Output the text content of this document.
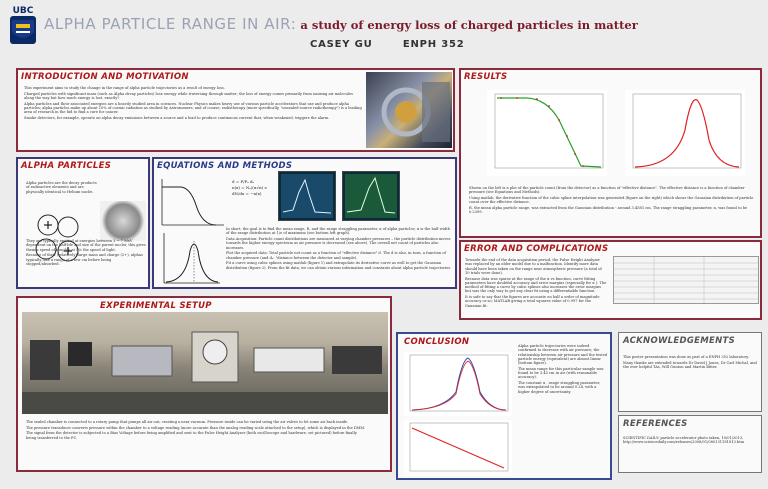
UBC
ALPHA PARTICLE RANGE IN AIR: a study of energy loss of charged particles in matter
CASEY GU	ENPH 352
INTRODUCTION AND MOTIVATION

This experiment aims to study the change in the range of alpha particle trajectories as a result of energy loss.

Charged particles with significant mass (such as Alpha decay particles) lose energy while traversing through matter; the loss of energy comes primarily from ionizing air molecules along the way but how much energy is lost, exactly?

Alpha particles and their associated energies are a heavily studied area in sciences. Nuclear Physics makes heavy use of various particle accelerators that use and produce alpha particles; alpha particles make up about 10% of cosmic radiation as studied by Astronomers; and of course, radiotherapy (more specifically, "unsealed-source radiotherapy") is a leading area of research in the bid to find a cure for cancer.

Smoke detectors, for example, operate on alpha decay emissions between a source and a lead to produce continuous current that, when weakened, triggers the alarm.

ALPHA PARTICLES
Alpha particles are the decay products of radioactive elements and are physically identical to Helium nuclei.

They are typically emitted at energies between 3 ~ 7 MeV dependent on the half-life and size of the parent nuclei; this gives them a speed of roughly at 5% the speed of light.

Because of their (relatively) large mass and charge (2+), alphas typically lose a range of a few cm before being stopped/absorbed.

EQUATIONS AND METHODS
d = P/Pₒ dₒ
n(x) = Nₒ/(α√π) e
dN/dx = −n(x)

In short, the goal is to find the mean range, R, and the range straggling parameter, α of alpha particles; α is the half width of the range distribution at 1/e of maximum (see bottom left graph).

Data Acquisition: Particle count distributions are measured at varying chamber pressures – the particle distribution moves towards the higher energy spectrum as air pressure is decreased (see above). The overall net count of particles also increases.

Plot the acquired data: Total particle net count as a function of "effective distance" d. The d is also, in turn, a function of chamber pressure (and dₒ: "distance between the detector and sample).

Fit a curve using cubic splines using matlab (figure 1) and extrapolate its derivative curve as well to get the Gaussian distribution (figure 2). From the fit data, we can obtain various information and constants about alpha particle trajectories.

RESULTS

Shown on the left is a plot of the particle count (from the detector) as a function of "effective distance". The effective distance is a function of chamber pressure (see Equations and Methods).

Using matlab, the derivative function of the cubic spline interpolation was generated (figure on the right) which shows the Gaussian distribution of particle count over the effective distance.

R, the mean alpha particle range, was extracted from the Gaussian distribution - around 3.4581 cm. The range straggling parameter, α, was found to be 0.2399.

ERROR AND COMPLICATIONS

Towards the end of the data acquisition period, the Pulse Height Analyzer was replaced by an older model due to a malfunction. Identify more data should have been taken on the range near atmospheric pressure (a total of 10 trials were done).

Because data was sparse at the range of the α vs function, curve fitting parameters have doubtful accuracy and error margins (especially for α ). The method of fitting a curve by cubic splines also increases the error margins but was the only way to get any clear fit using a differentiable function.

It is safe to say that the figures are accurate on half a order of magnitude accuracy or so; MATLAB giving a total squares value of 0.997 for the Gaussian fit.

EXPERIMENTAL SETUP

The sealed chamber is connected to a rotary pump that pumps all air out, creating a near vacuum. Pressure inside can be varied using the air valves to let some air back inside.

The pressure transducer converts pressure within the chamber to a voltage reading (more accurate than the analog reading scale attached to the setup), which is displayed in the DMM.

The signal from the detector is subjected to a Bias Voltage before being amplified and sent to the Pulse Height Analyzer (both oscilloscope and hardware, set pictured) before finally being transferred to the PC.

CONCLUSION	Alpha particle trajectories were indeed confirmed to decrease with air pressure; the relationship between air pressure and the tested particle energy (equivalent) are almost linear (bottom figure).

The mean range for this particular sample was found to be 3.45 cm in air (with reasonable accuracy).

The constant α , range straggling parameter, was extrapolated to be around 0.24, with a higher degree of uncertainty.

ACKNOWLEDGEMENTS

This poster presentation was done as part of a ENPH 352 laboratory.

Many thanks are extended towards Dr David J Jones, Dr Carl Michal, and the ever helpful TAs, Will Gunton and Martin Bitter.

REFERENCES
SCIENTIFIC DAILY: particle accelerator photo taken, 10/01/2013, http://www.sciencedaily.com/releases/2008/01/080131181813.htm
